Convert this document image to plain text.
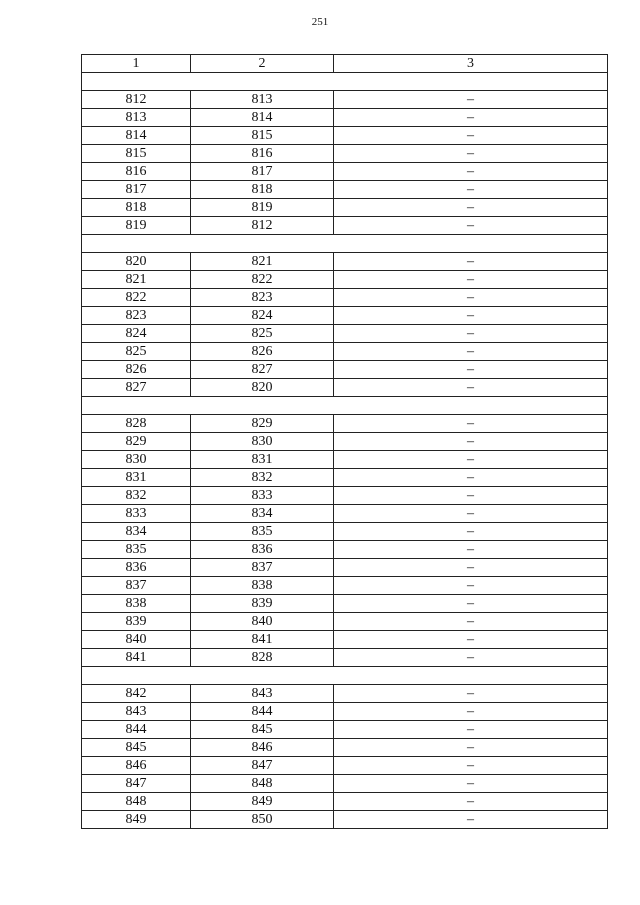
251
1	2	3

812	813	–
813	814	–
814	815	–
815	816	–
816	817	–
817	818	–
818	819	–
819	812	–

820	821	–
821	822	–
822	823	–
823	824	–
824	825	–
825	826	–
826	827	–
827	820	–

828	829	–
829	830	–
830	831	–
831	832	–
832	833	–
833	834	–
834	835	–
835	836	–
836	837	–
837	838	–
838	839	–
839	840	–
840	841	–
841	828	–

842	843	–
843	844	–
844	845	–
845	846	–
846	847	–
847	848	–
848	849	–
849	850	–
